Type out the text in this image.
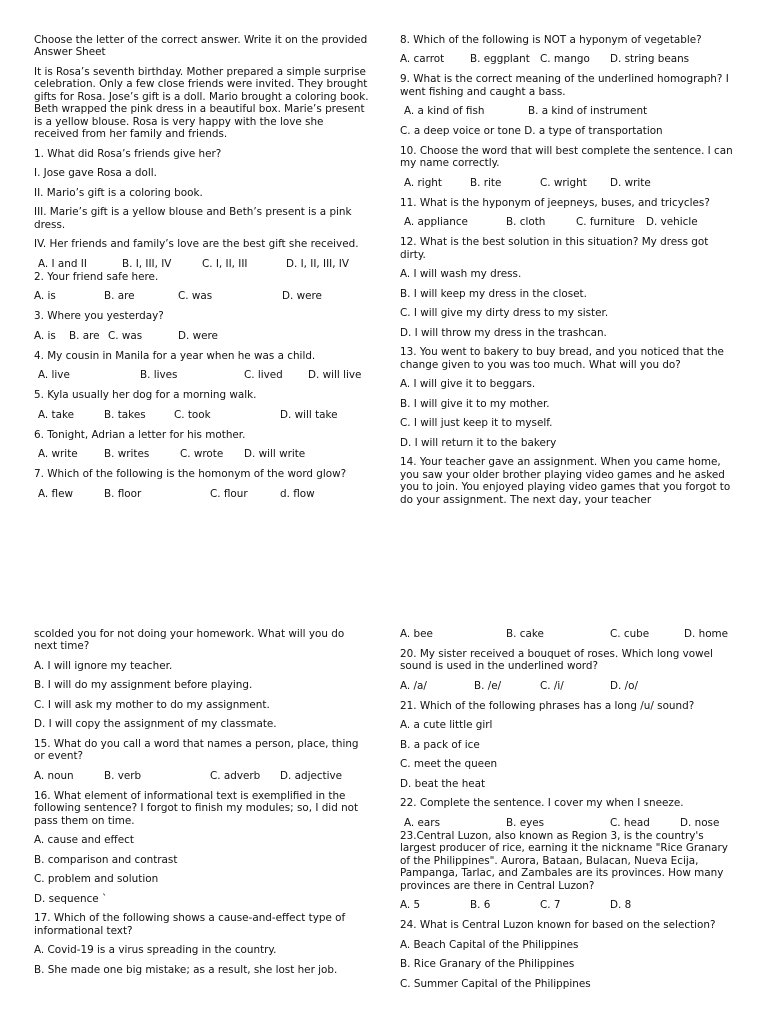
Choose the letter of the correct answer. Write it on the provided Answer Sheet

It is Rosa’s seventh birthday. Mother prepared a simple surprise celebration. Only a few close friends were invited. They brought gifts for Rosa. Jose’s gift is a doll. Mario brought a coloring book. Beth wrapped the pink dress in a beautiful box. Marie’s present is a yellow blouse. Rosa is very happy with the love she received from her family and friends.

1. What did Rosa’s friends give her?

I. Jose gave Rosa a doll.

II. Mario’s gift is a coloring book.

III. Marie’s gift is a yellow blouse and Beth’s present is a pink dress.

IV. Her friends and family’s love are the best gift she received.

A. I and II	B. I, III, IV	C. I, II, III	D. I, II, III, IV

2. Your friend safe here.

A. is	B. are	C. was	D. were

3. Where you yesterday?

A. is B. are C. was	D. were

4. My cousin in Manila for a year when he was a child.

A. live	B. lives	C. lived D. will live

5. Kyla usually her dog for a morning walk.

A. take	B. takes	C. took	D. will take

6. Tonight, Adrian a letter for his mother.

A. write	B. writes	C. wrote D. will write

7. Which of the following is the homonym of the word glow?

A. flew	B. floor	C. flour	d. flow

8. Which of the following is NOT a hyponym of vegetable?

A. carrot B. eggplant C. mango D. string beans

9. What is the correct meaning of the underlined homograph? I went fishing and caught a bass.

A. a kind of fish	B. a kind of instrument

C. a deep voice or tone D. a type of transportation

10. Choose the word that will best complete the sentence. I can my name correctly.

A. right	B. rite	C. wright D. write

11. What is the hyponym of jeepneys, buses, and tricycles?

A. appliance	B. cloth	C. furniture D. vehicle

12. What is the best solution in this situation? My dress got dirty.

A. I will wash my dress.

B. I will keep my dress in the closet.

C. I will give my dirty dress to my sister.

D. I will throw my dress in the trashcan.

13. You went to bakery to buy bread, and you noticed that the change given to you was too much. What will you do?

A. I will give it to beggars.

B. I will give it to my mother.

C. I will just keep it to myself.

D. I will return it to the bakery

14. Your teacher gave an assignment. When you came home, you saw your older brother playing video games and he asked you to join. You enjoyed playing video games that you forgot to do your assignment. The next day, your teacher

scolded you for not doing your homework. What will you do next time?

A. I will ignore my teacher.

B. I will do my assignment before playing.

C. I will ask my mother to do my assignment.

D. I will copy the assignment of my classmate.

15. What do you call a word that names a person, place, thing or event?

A. noun	B. verb	C. adverb D. adjective

16. What element of informational text is exemplified in the following sentence? I forgot to finish my modules; so, I did not pass them on time.

A. cause and effect

B. comparison and contrast

C. problem and solution

D. sequence `

17. Which of the following shows a cause-and-effect type of informational text?

A. Covid-19 is a virus spreading in the country.

B. She made one big mistake; as a result, she lost her job.

A. bee	B. cake	C. cube	D. home

20. My sister received a bouquet of roses. Which long vowel sound is used in the underlined word?

A. /a/	B. /e/	C. /i/	D. /o/

21. Which of the following phrases has a long /u/ sound?

A. a cute little girl

B. a pack of ice

C. meet the queen

D. beat the heat

22. Complete the sentence. I cover my when I sneeze.

A. ears	B. eyes	C. head	D. nose

23.Central Luzon, also known as Region 3, is the country's largest producer of rice, earning it the nickname "Rice Granary of the Philippines". Aurora, Bataan, Bulacan, Nueva Ecija, Pampanga, Tarlac, and Zambales are its provinces. How many provinces are there in Central Luzon?

A. 5	B. 6	C. 7	D. 8

24. What is Central Luzon known for based on the selection?

A. Beach Capital of the Philippines

B. Rice Granary of the Philippines

C. Summer Capital of the Philippines
